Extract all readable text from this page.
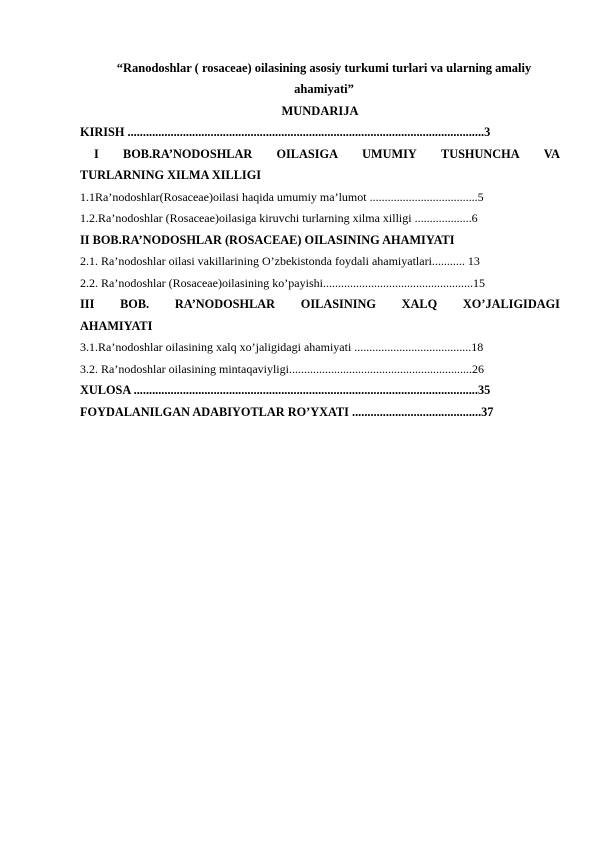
“Ranodoshlar ( rosaceae) oilasining asosiy turkumi turlari va ularning amaliy
ahamiyati”
MUNDARIJA
KIRISH ....................................................................................................................3
I BOB.RA’NODOSHLAR OILASIGA UMUMIY TUSHUNCHA VA
TURLARNING XILMA XILLIGI
1.1Ra’nodoshlar(Rosaceae)oilasi haqida umumiy ma’lumot ....................................5
1.2.Ra’nodoshlar (Rosaceae)oilasiga kiruvchi turlarning xilma xilligi ...................6
II BOB.RA’NODOSHLAR (ROSACEAE) OILASINING AHAMIYATI
2.1. Ra’nodoshlar oilasi vakillarining O’zbekistonda foydali ahamiyatlari........... 13
2.2. Ra’nodoshlar (Rosaceae)oilasining ko’payishi..................................................15
III BOB. RA’NODOSHLAR OILASINING XALQ XO’JALIGIDAGI
AHAMIYATI
3.1.Ra’nodoshlar oilasining xalq xo’jaligidagi ahamiyati .......................................18
3.2. Ra’nodoshlar oilasining mintaqaviyligi.............................................................26
XULOSA ................................................................................................................35
FOYDALANILGAN ADABIYOTLAR RO’YXATI ..........................................37
